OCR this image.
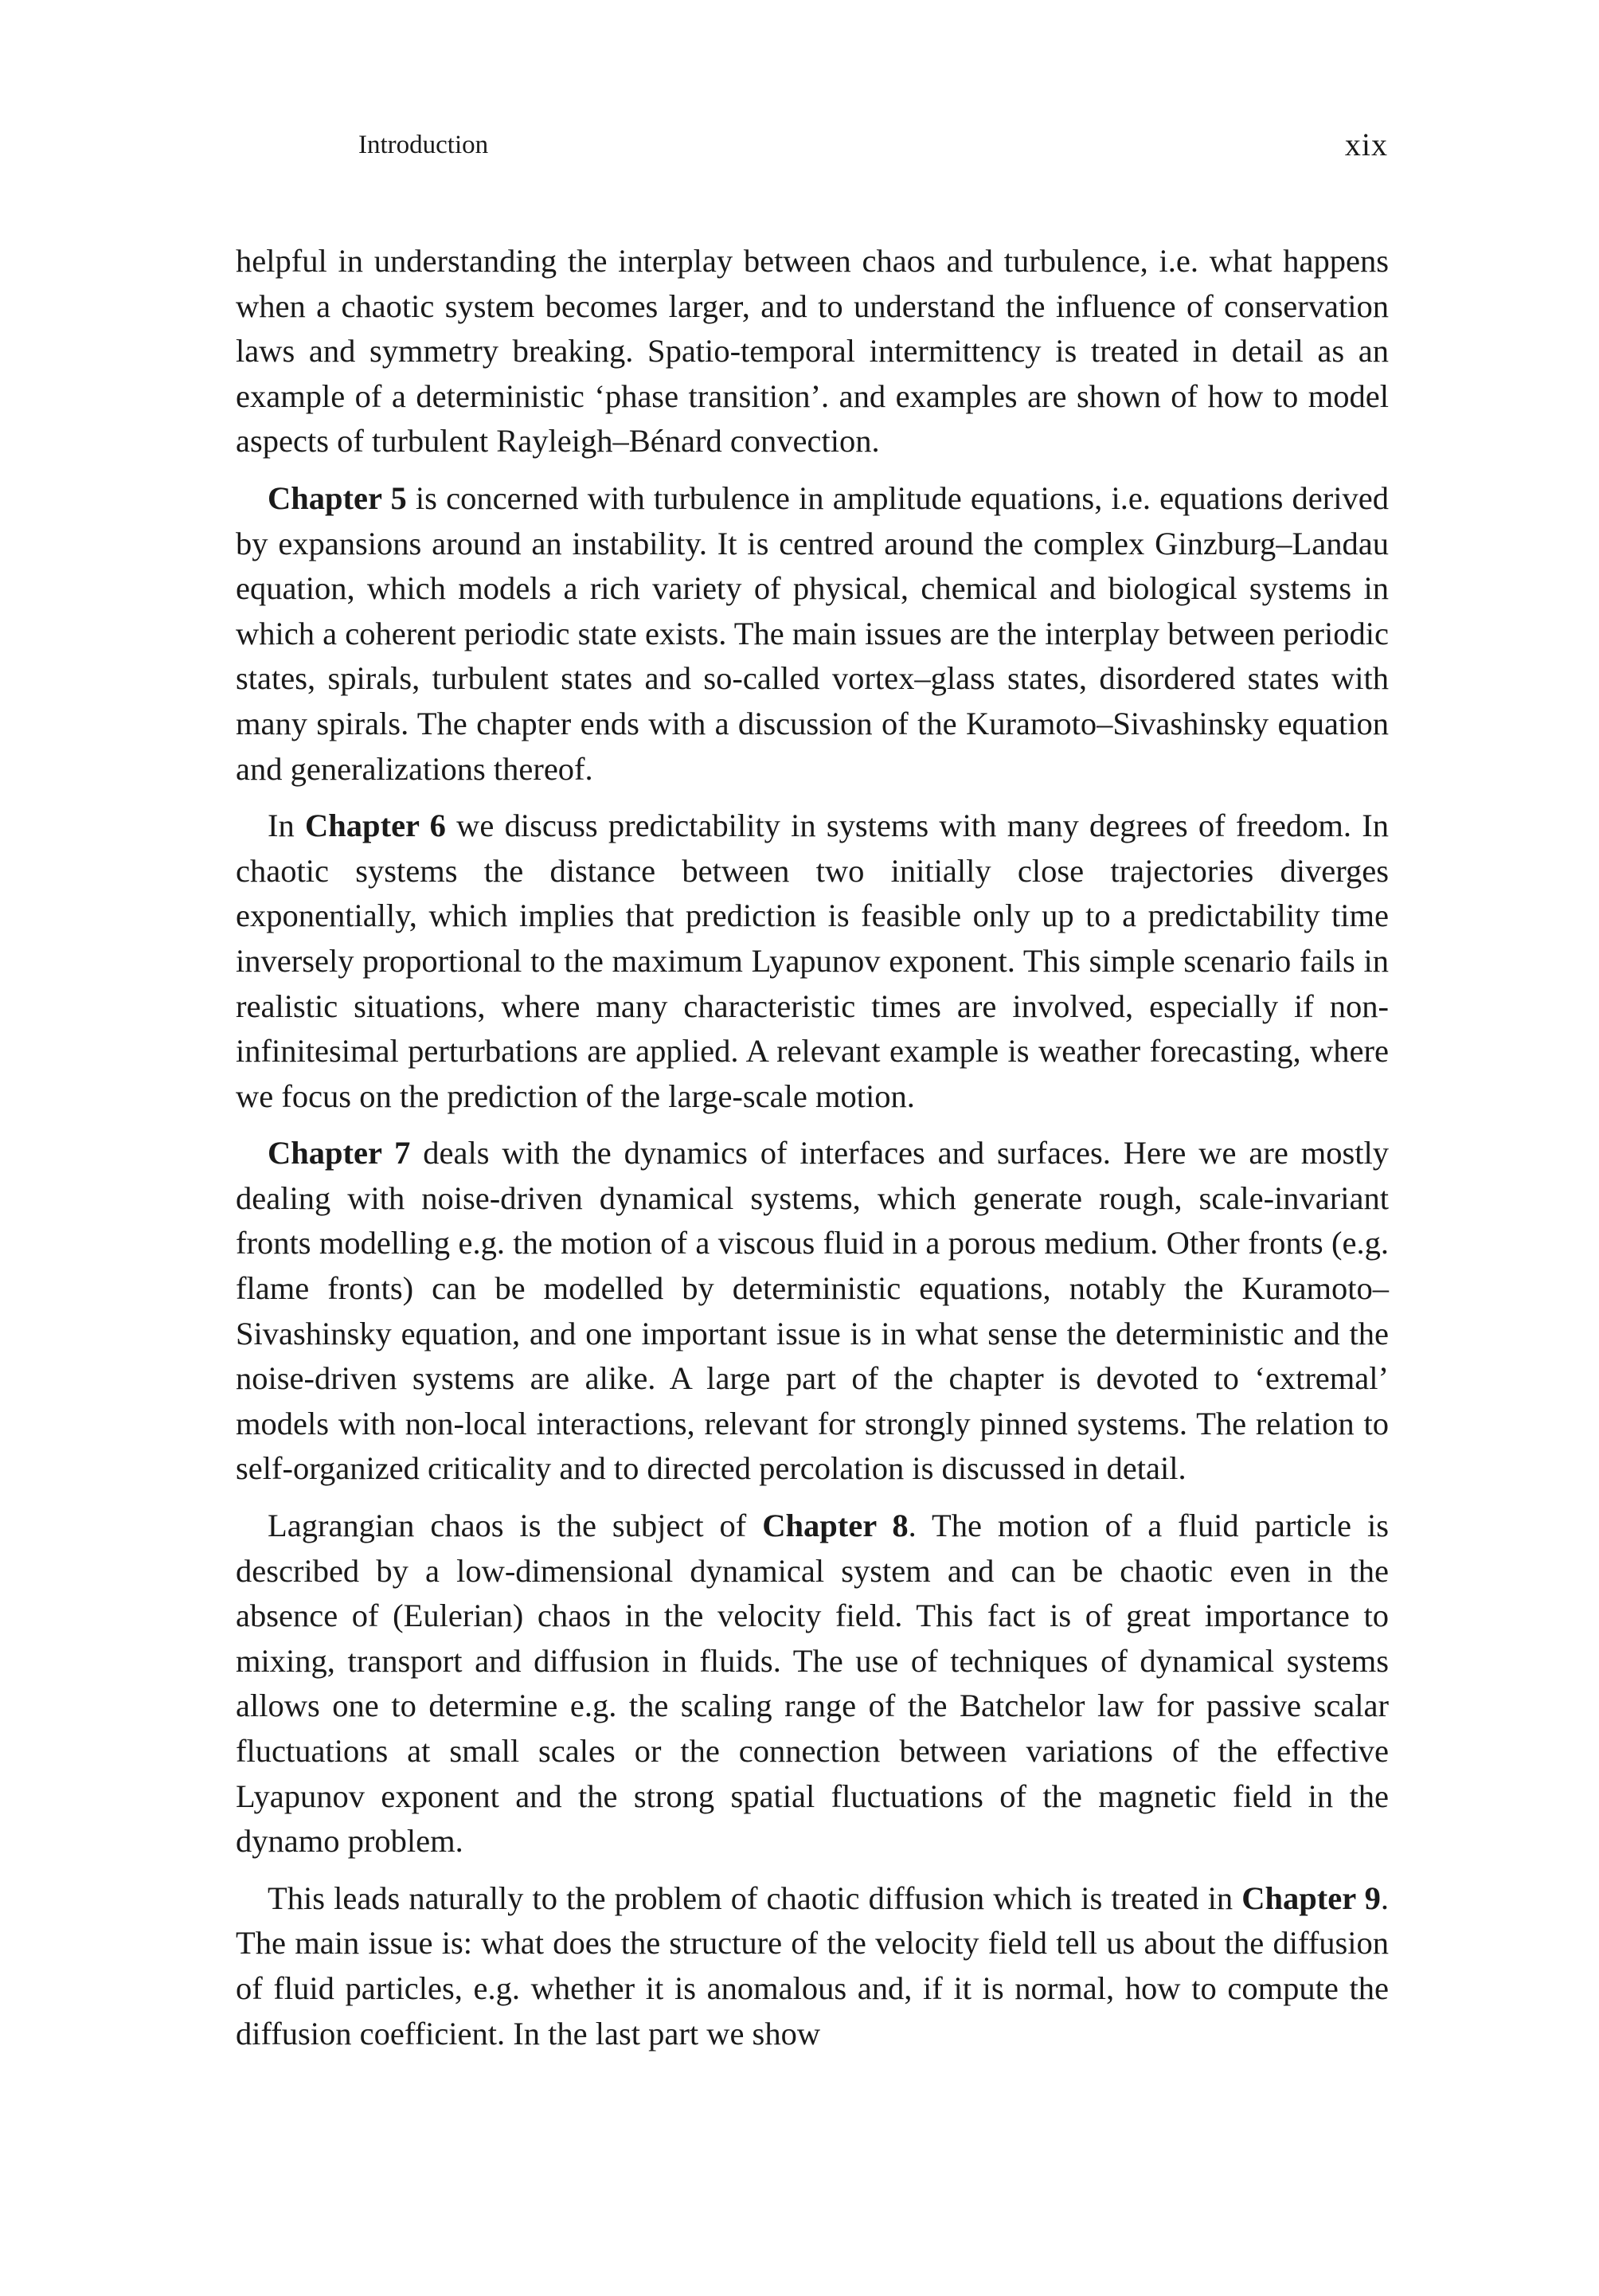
Introduction	xix

helpful in understanding the interplay between chaos and turbulence, i.e. what happens when a chaotic system becomes larger, and to understand the influence of conservation laws and symmetry breaking. Spatio-temporal intermittency is treated in detail as an example of a deterministic ‘phase transition’. and examples are shown of how to model aspects of turbulent Rayleigh–Bénard convection.

Chapter 5 is concerned with turbulence in amplitude equations, i.e. equations derived by expansions around an instability. It is centred around the complex Ginzburg–Landau equation, which models a rich variety of physical, chemical and biological systems in which a coherent periodic state exists. The main issues are the interplay between periodic states, spirals, turbulent states and so-called vortex–glass states, disordered states with many spirals. The chapter ends with a discussion of the Kuramoto–Sivashinsky equation and generalizations thereof.

In Chapter 6 we discuss predictability in systems with many degrees of freedom. In chaotic systems the distance between two initially close trajectories diverges exponentially, which implies that prediction is feasible only up to a predictability time inversely proportional to the maximum Lyapunov exponent. This simple scenario fails in realistic situations, where many characteristic times are involved, especially if non-infinitesimal perturbations are applied. A relevant example is weather forecasting, where we focus on the prediction of the large-scale motion.

Chapter 7 deals with the dynamics of interfaces and surfaces. Here we are mostly dealing with noise-driven dynamical systems, which generate rough, scale-invariant fronts modelling e.g. the motion of a viscous fluid in a porous medium. Other fronts (e.g. flame fronts) can be modelled by deterministic equations, notably the Kuramoto–Sivashinsky equation, and one important issue is in what sense the deterministic and the noise-driven systems are alike. A large part of the chapter is devoted to ‘extremal’ models with non-local interactions, relevant for strongly pinned systems. The relation to self-organized criticality and to directed percolation is discussed in detail.

Lagrangian chaos is the subject of Chapter 8. The motion of a fluid particle is described by a low-dimensional dynamical system and can be chaotic even in the absence of (Eulerian) chaos in the velocity field. This fact is of great importance to mixing, transport and diffusion in fluids. The use of techniques of dynamical systems allows one to determine e.g. the scaling range of the Batchelor law for passive scalar fluctuations at small scales or the connection between variations of the effective Lyapunov exponent and the strong spatial fluctuations of the magnetic field in the dynamo problem.

This leads naturally to the problem of chaotic diffusion which is treated in Chapter 9. The main issue is: what does the structure of the velocity field tell us about the diffusion of fluid particles, e.g. whether it is anomalous and, if it is normal, how to compute the diffusion coefficient. In the last part we show
